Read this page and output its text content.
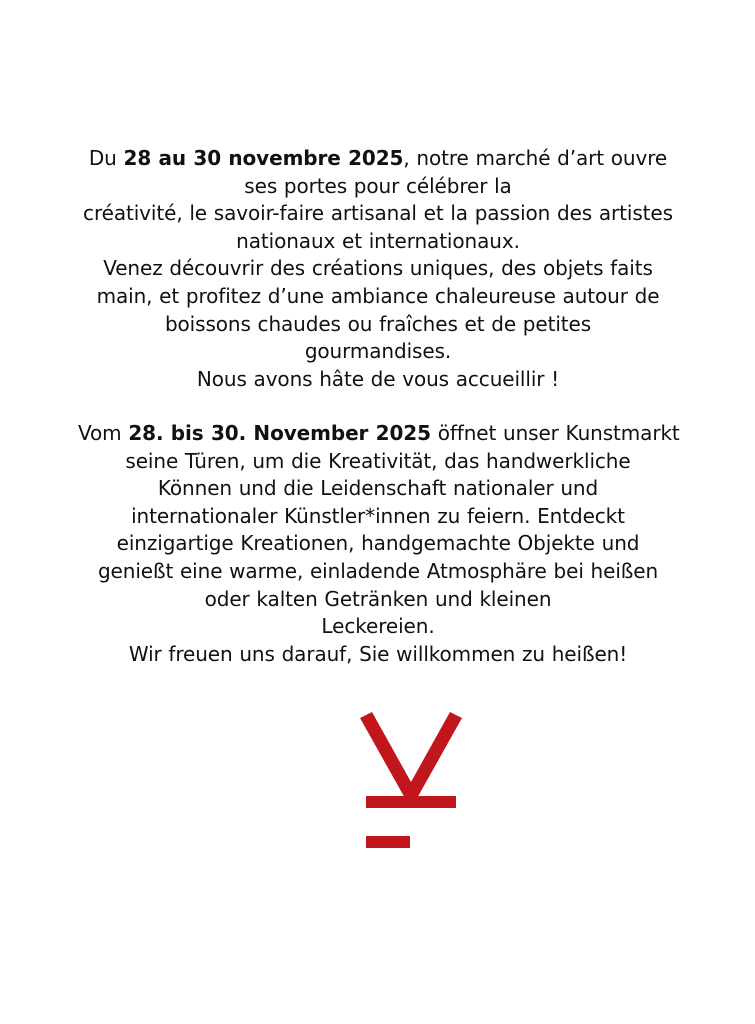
Du 28 au 30 novembre 2025, notre marché d’art ouvre
ses portes pour célébrer la
créativité, le savoir-faire artisanal et la passion des artistes
nationaux et internationaux.
Venez découvrir des créations uniques, des objets faits
main, et profitez d’une ambiance chaleureuse autour de
boissons chaudes ou fraîches et de petites
gourmandises.
Nous avons hâte de vous accueillir !
Vom 28. bis 30. November 2025 öffnet unser Kunstmarkt
seine Türen, um die Kreativität, das handwerkliche
Können und die Leidenschaft nationaler und
internationaler Künstler*innen zu feiern. Entdeckt
einzigartige Kreationen, handgemachte Objekte und
genießt eine warme, einladende Atmosphäre bei heißen
oder kalten Getränken und kleinen
Leckereien.
Wir freuen uns darauf, Sie willkommen zu heißen!
